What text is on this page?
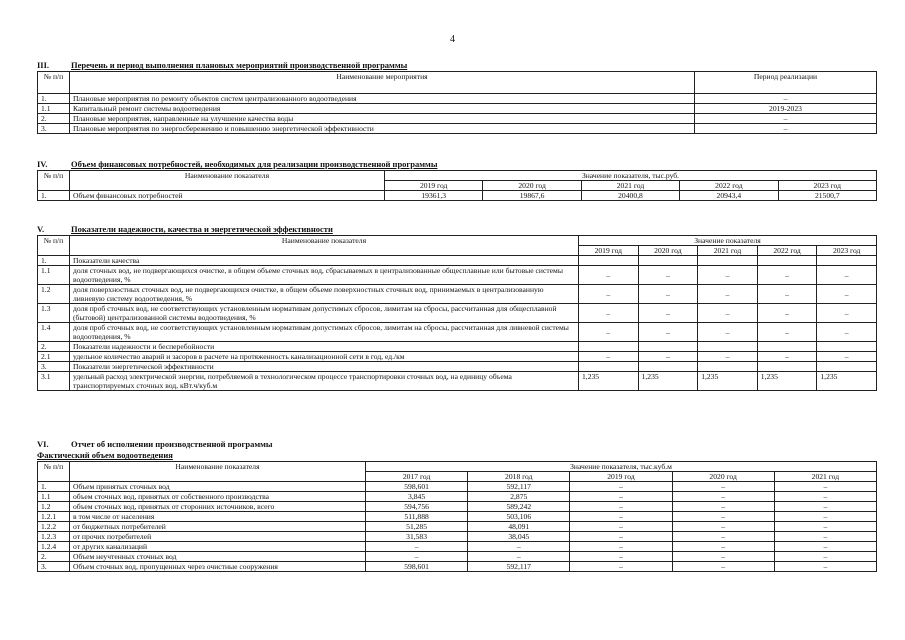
4
III.	Перечень и период выполнения плановых мероприятий производственной программы
№ п/п	Наименование мероприятия	Период реализации
1.	Плановые мероприятия по ремонту объектов систем централизованного водоотведения	–
1.1	Капитальный ремонт системы водоотведения	2019-2023
2.	Плановые мероприятия, направленные на улучшение качества воды	–
3.	Плановые мероприятия по энергосбережению и повышению энергетической эффективности	–
IV.	Объем финансовых потребностей, необходимых для реализации производственной программы
№ п/п	Наименование показателя	Значение показателя, тыс.руб.				
		2019 год	2020 год	2021 год	2022 год	2023 год
1.	Объем финансовых потребностей	19361,3	19867,6	20400,8	20943,4	21500,7
V.	Показатели надежности, качества и энергетической эффективности
№ п/п	Наименование показателя	Значение показателя				
		2019 год	2020 год	2021 год	2022 год	2023 год
1.	Показатели качества					
1.1	доля сточных вод, не подвергающихся очистке, в общем объеме сточных вод, сбрасываемых в централизованные общесплавные или бытовые системы водоотведения, %	–	–	–	–	–
1.2	доля поверхностных сточных вод, не подвергающихся очистке, в общем объеме поверхностных сточных вод, принимаемых в централизованную ливневую систему водоотведения, %	–	–	–	–	–
1.3	доля проб сточных вод, не соответствующих установленным нормативам допустимых сбросов, лимитам на сбросы, рассчитанная для общесплавной (бытовой) централизованной системы водоотведения, %	–	–	–	–	–
1.4	доля проб сточных вод, не соответствующих установленным нормативам допустимых сбросов, лимитам на сбросы, рассчитанная для ливневой системы водоотведения, %	–	–	–	–	–
2.	Показатели надежности и бесперебойности					
2.1	удельное количество аварий и засоров в расчете на протяженность канализационной сети в год, ед./км	–	–	–	–	–
3.	Показатели энергетической эффективности					
3.1	удельный расход электрической энергии, потребляемой в технологическом процессе транспортировки сточных вод, на единицу объема транспортируемых сточных вод, кВт.ч/куб.м	1,235	1,235	1,235	1,235	1,235
VI.	Отчет об исполнении производственной программы
Фактический объем водоотведения
№ п/п	Наименование показателя	Значение показателя, тыс.куб.м				
		2017 год	2018 год	2019 год	2020 год	2021 год
1.	Объем принятых сточных вод	598,601	592,117	–	–	–
1.1	объем сточных вод, принятых от собственного производства	3,845	2,875	–	–	–
1.2	объем сточных вод, принятых от сторонних источников, всего	594,756	589,242	–	–	–
1.2.1	в том числе от населения	511,888	503,106	–	–	–
1.2.2	от бюджетных потребителей	51,285	48,091	–	–	–
1.2.3	от прочих потребителей	31,583	38,045	–	–	–
1.2.4	от других канализаций	–	–	–	–	–
2.	Объем неучтенных сточных вод	–	–	–	–	–
3.	Объем сточных вод, пропущенных через очистные сооружения	598,601	592,117	–	–	–
